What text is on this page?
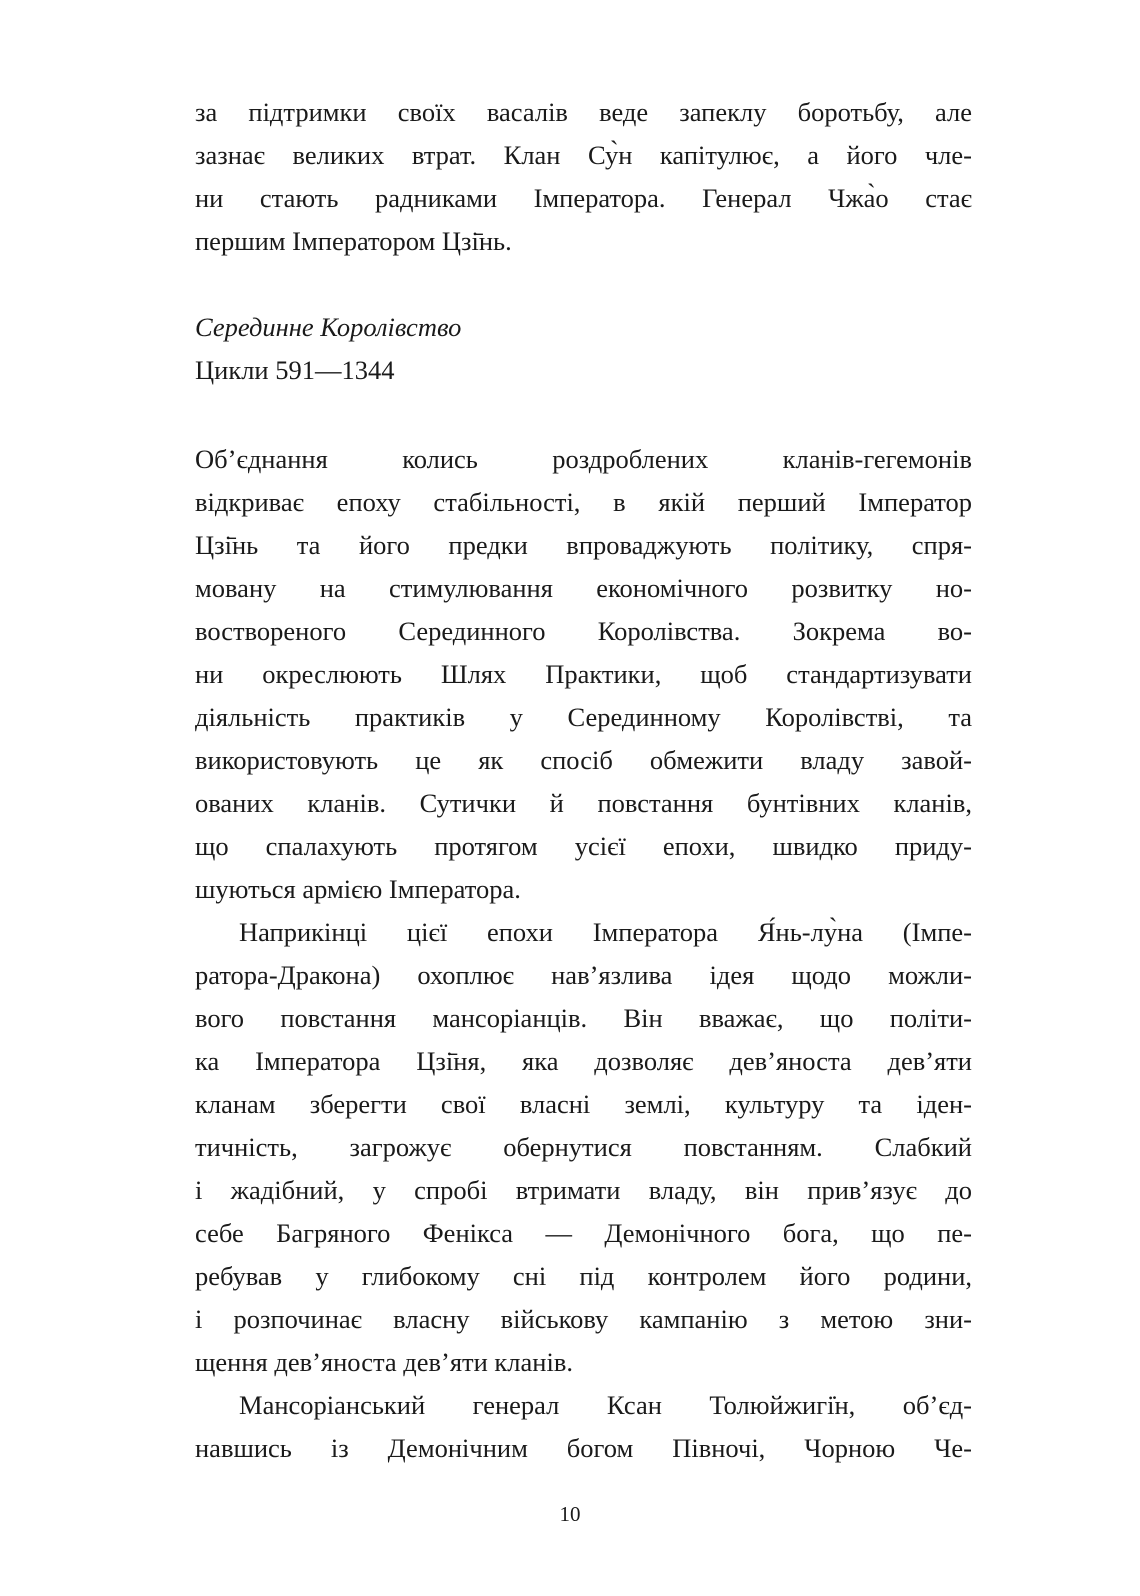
за підтримки своїх васалів веде запеклу боротьбу, але
зазнає великих втрат. Клан Су̀н капітулює, а його чле-
ни стають радниками Імператора. Генерал Чжа̀о стає
першим Імператором Цзі̄нь.
Серединне Королівство
Цикли 591—1344
Об’єднання колись роздроблених кланів-гегемонів
відкриває епоху стабільності, в якій перший Імператор
Цзі̄нь та його предки впроваджують політику, спря-
мовану на стимулювання економічного розвитку но-
востворeного Серединного Королівства. Зокрема во-
ни окреслюють Шлях Практики, щоб стандартизувати
діяльність практиків у Серединному Королівстві, та
використовують це як спосіб обмежити владу завой-
ованих кланів. Сутички й повстання бунтівних кланів,
що спалахують протягом усієї епохи, швидко приду-
шуються армією Імператора.
Наприкінці цієї епохи Імператора Я́нь-лу̀на (Імпе-
ратора-Дракона) охоплює нав’язлива ідея щодо можли-
вого повстання мансоріанців. Він вважає, що політи-
ка Імператора Цзі̄ня, яка дозволяє дев’яноста дев’яти
кланам зберегти свої власні землі, культуру та іден-
тичність, загрожує обернутися повстанням. Слабкий
і жадібний, у спробі втримати владу, він прив’язує до
себе Багряного Фенікса — Демонічного бога, що пе-
ребував у глибокому сні під контролем його родини,
і розпочинає власну військову кампанію з метою зни-
щення дев’яноста дев’яти кланів.
Мансоріанський генерал Ксан Толюйжигі̇н, об’єд-
навшись із Демонічним богом Півночі, Чорною Че-
10
